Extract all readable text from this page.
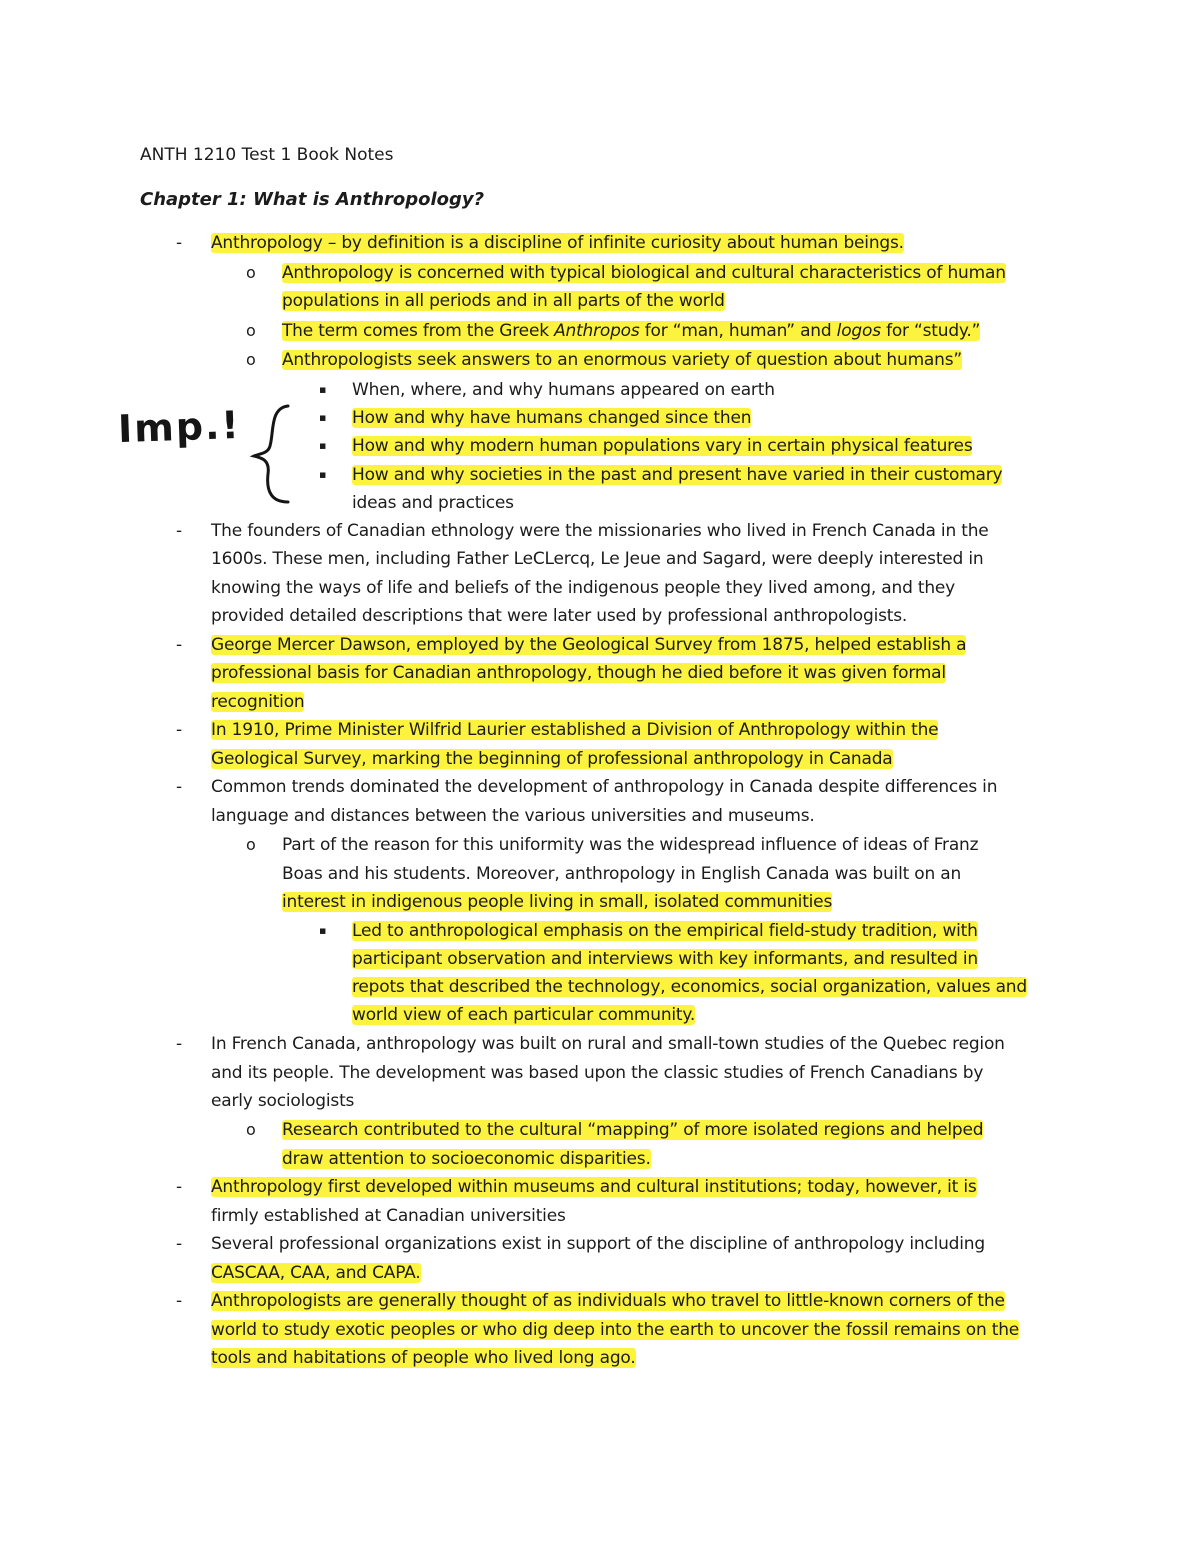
ANTH 1210 Test 1 Book Notes
Chapter 1: What is Anthropology?
Imp.!
- Anthropology – by definition is a discipline of infinite curiosity about human beings.
o Anthropology is concerned with typical biological and cultural characteristics of human
populations in all periods and in all parts of the world
o The term comes from the Greek Anthropos for “man, human” and logos for “study.”
o Anthropologists seek answers to an enormous variety of question about humans”
▪ When, where, and why humans appeared on earth
▪ How and why have humans changed since then
▪ How and why modern human populations vary in certain physical features
▪ How and why societies in the past and present have varied in their customary
ideas and practices
- The founders of Canadian ethnology were the missionaries who lived in French Canada in the
1600s. These men, including Father LeCLercq, Le Jeue and Sagard, were deeply interested in
knowing the ways of life and beliefs of the indigenous people they lived among, and they
provided detailed descriptions that were later used by professional anthropologists.
- George Mercer Dawson, employed by the Geological Survey from 1875, helped establish a
professional basis for Canadian anthropology, though he died before it was given formal
recognition
- In 1910, Prime Minister Wilfrid Laurier established a Division of Anthropology within the
Geological Survey, marking the beginning of professional anthropology in Canada
- Common trends dominated the development of anthropology in Canada despite differences in
language and distances between the various universities and museums.
o Part of the reason for this uniformity was the widespread influence of ideas of Franz
Boas and his students. Moreover, anthropology in English Canada was built on an
interest in indigenous people living in small, isolated communities
▪ Led to anthropological emphasis on the empirical field-study tradition, with
participant observation and interviews with key informants, and resulted in
repots that described the technology, economics, social organization, values and
world view of each particular community.
- In French Canada, anthropology was built on rural and small-town studies of the Quebec region
and its people. The development was based upon the classic studies of French Canadians by
early sociologists
o Research contributed to the cultural “mapping” of more isolated regions and helped
draw attention to socioeconomic disparities.
- Anthropology first developed within museums and cultural institutions; today, however, it is
firmly established at Canadian universities
- Several professional organizations exist in support of the discipline of anthropology including
CASCAA, CAA, and CAPA.
- Anthropologists are generally thought of as individuals who travel to little-known corners of the
world to study exotic peoples or who dig deep into the earth to uncover the fossil remains on the
tools and habitations of people who lived long ago.
